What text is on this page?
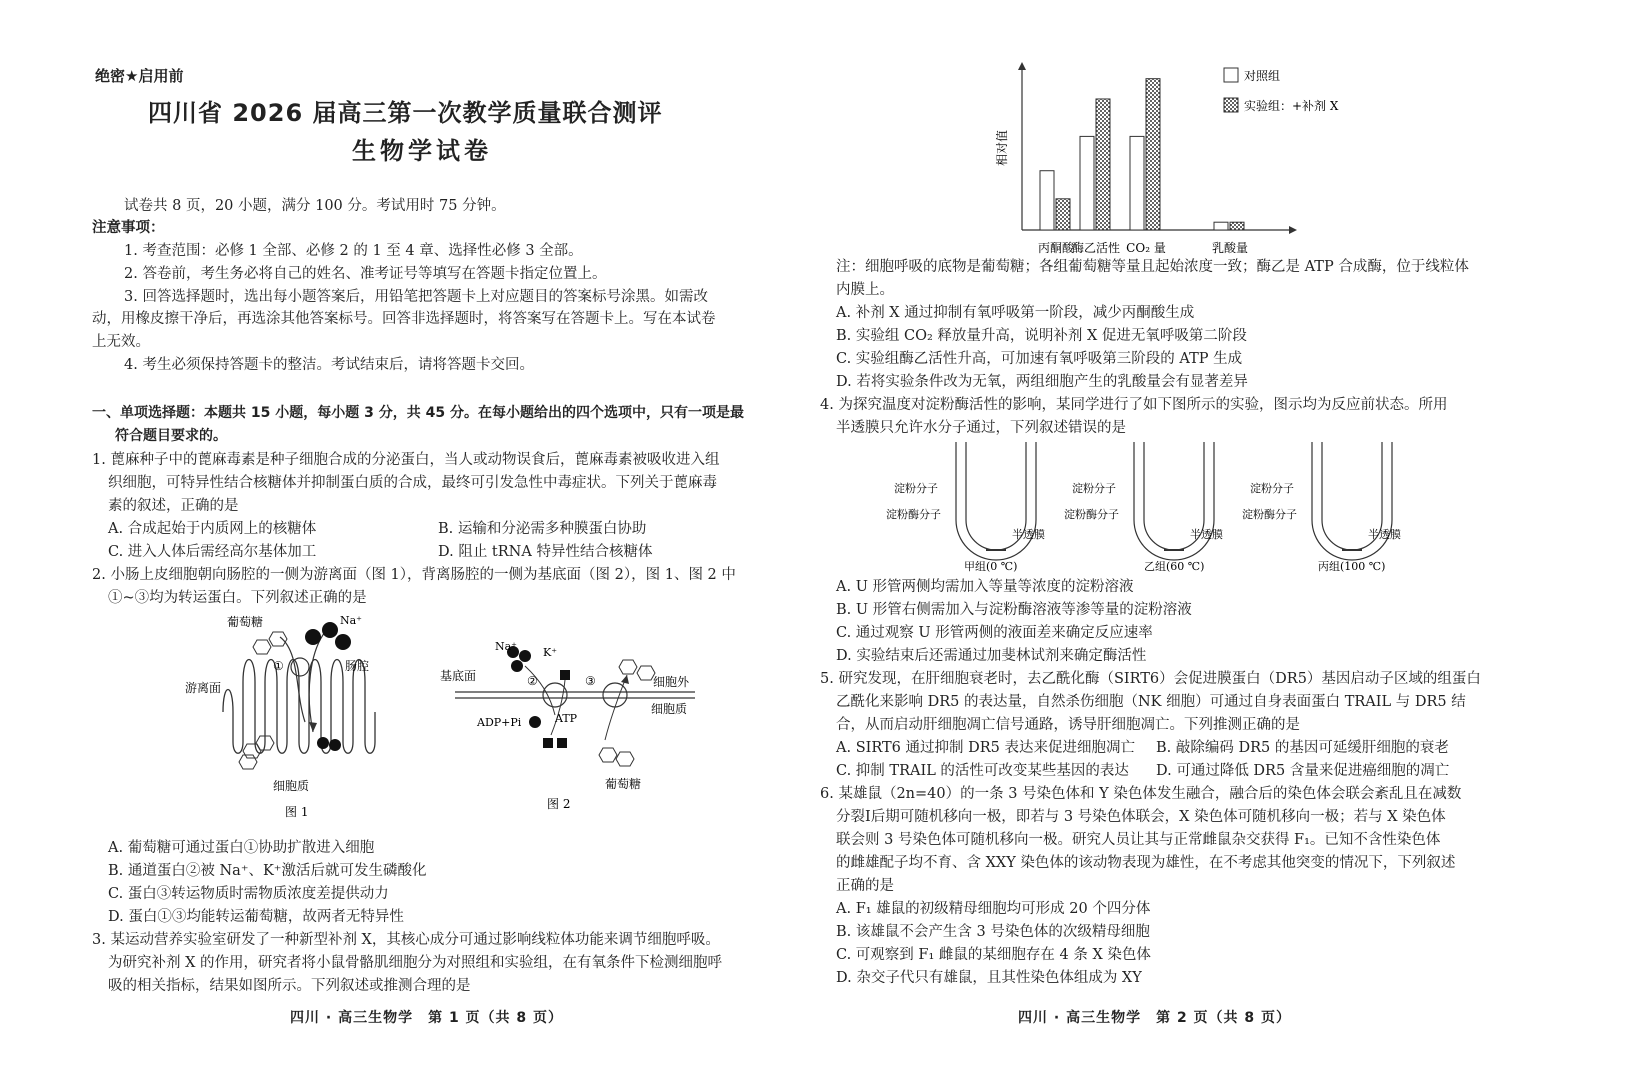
绝密★启用前
四川省 2026 届高三第一次教学质量联合测评
生物学试卷
试卷共 8 页，20 小题，满分 100 分。考试用时 75 分钟。
注意事项：
1. 考查范围：必修 1 全部、必修 2 的 1 至 4 章、选择性必修 3 全部。
2. 答卷前，考生务必将自己的姓名、准考证号等填写在答题卡指定位置上。
3. 回答选择题时，选出每小题答案后，用铅笔把答题卡上对应题目的答案标号涂黑。如需改
动，用橡皮擦干净后，再选涂其他答案标号。回答非选择题时，将答案写在答题卡上。写在本试卷
上无效。
4. 考生必须保持答题卡的整洁。考试结束后，请将答题卡交回。
一、单项选择题：本题共 15 小题，每小题 3 分，共 45 分。在每小题给出的四个选项中，只有一项是最
符合题目要求的。
1. 蓖麻种子中的蓖麻毒素是种子细胞合成的分泌蛋白，当人或动物误食后，蓖麻毒素被吸收进入组
织细胞，可特异性结合核糖体并抑制蛋白质的合成，最终可引发急性中毒症状。下列关于蓖麻毒
素的叙述，正确的是
A. 合成起始于内质网上的核糖体	B. 运输和分泌需多种膜蛋白协助
C. 进入人体后需经高尔基体加工	D. 阻止 tRNA 特异性结合核糖体
2. 小肠上皮细胞朝向肠腔的一侧为游离面（图 1），背离肠腔的一侧为基底面（图 2），图 1、图 2 中
①~③均为转运蛋白。下列叙述正确的是
葡萄糖	Na⁺
①	肠腔
游离面
细胞质
图 1
Na⁺ K⁺
基底面	②	③	细胞外
细胞质
ADP+Pi	ATP
葡萄糖
图 2
A. 葡萄糖可通过蛋白①协助扩散进入细胞
B. 通道蛋白②被 Na⁺、K⁺激活后就可发生磷酸化
C. 蛋白③转运物质时需物质浓度差提供动力
D. 蛋白①③均能转运葡萄糖，故两者无特异性
3. 某运动营养实验室研发了一种新型补剂 X，其核心成分可通过影响线粒体功能来调节细胞呼吸。
为研究补剂 X 的作用，研究者将小鼠骨骼肌细胞分为对照组和实验组，在有氧条件下检测细胞呼
吸的相关指标，结果如图所示。下列叙述或推测合理的是
四川 · 高三生物学　第 1 页（共 8 页）
相对值
丙酮酸
酶乙活性 CO₂ 量	乳酸量
对照组
实验组：+补剂 X
注：细胞呼吸的底物是葡萄糖；各组葡萄糖等量且起始浓度一致；酶乙是 ATP 合成酶，位于线粒体
内膜上。
A. 补剂 X 通过抑制有氧呼吸第一阶段，减少丙酮酸生成
B. 实验组 CO₂ 释放量升高，说明补剂 X 促进无氧呼吸第二阶段
C. 实验组酶乙活性升高，可加速有氧呼吸第三阶段的 ATP 生成
D. 若将实验条件改为无氧，两组细胞产生的乳酸量会有显著差异
4. 为探究温度对淀粉酶活性的影响，某同学进行了如下图所示的实验，图示均为反应前状态。所用
半透膜只允许水分子通过，下列叙述错误的是
淀粉分子
淀粉酶分子
半透膜
甲组(0 ℃)
淀粉分子
淀粉酶分子
半透膜
乙组(60 ℃)
淀粉分子
淀粉酶分子
半透膜
丙组(100 ℃)
A. U 形管两侧均需加入等量等浓度的淀粉溶液
B. U 形管右侧需加入与淀粉酶溶液等渗等量的淀粉溶液
C. 通过观察 U 形管两侧的液面差来确定反应速率
D. 实验结束后还需通过加斐林试剂来确定酶活性
5. 研究发现，在肝细胞衰老时，去乙酰化酶（SIRT6）会促进膜蛋白（DR5）基因启动子区域的组蛋白
乙酰化来影响 DR5 的表达量，自然杀伤细胞（NK 细胞）可通过自身表面蛋白 TRAIL 与 DR5 结
合，从而启动肝细胞凋亡信号通路，诱导肝细胞凋亡。下列推测正确的是
A. SIRT6 通过抑制 DR5 表达来促进细胞凋亡 B. 敲除编码 DR5 的基因可延缓肝细胞的衰老
C. 抑制 TRAIL 的活性可改变某些基因的表达 D. 可通过降低 DR5 含量来促进癌细胞的凋亡
6. 某雄鼠（2n=40）的一条 3 号染色体和 Y 染色体发生融合，融合后的染色体会联会紊乱且在减数
分裂Ⅰ后期可随机移向一极，即若与 3 号染色体联会，X 染色体可随机移向一极；若与 X 染色体
联会则 3 号染色体可随机移向一极。研究人员让其与正常雌鼠杂交获得 F₁。已知不含性染色体
的雌雄配子均不育、含 XXY 染色体的该动物表现为雄性，在不考虑其他突变的情况下，下列叙述
正确的是
A. F₁ 雄鼠的初级精母细胞均可形成 20 个四分体
B. 该雄鼠不会产生含 3 号染色体的次级精母细胞
C. 可观察到 F₁ 雌鼠的某细胞存在 4 条 X 染色体
D. 杂交子代只有雄鼠，且其性染色体组成为 XY
四川 · 高三生物学　第 2 页（共 8 页）
